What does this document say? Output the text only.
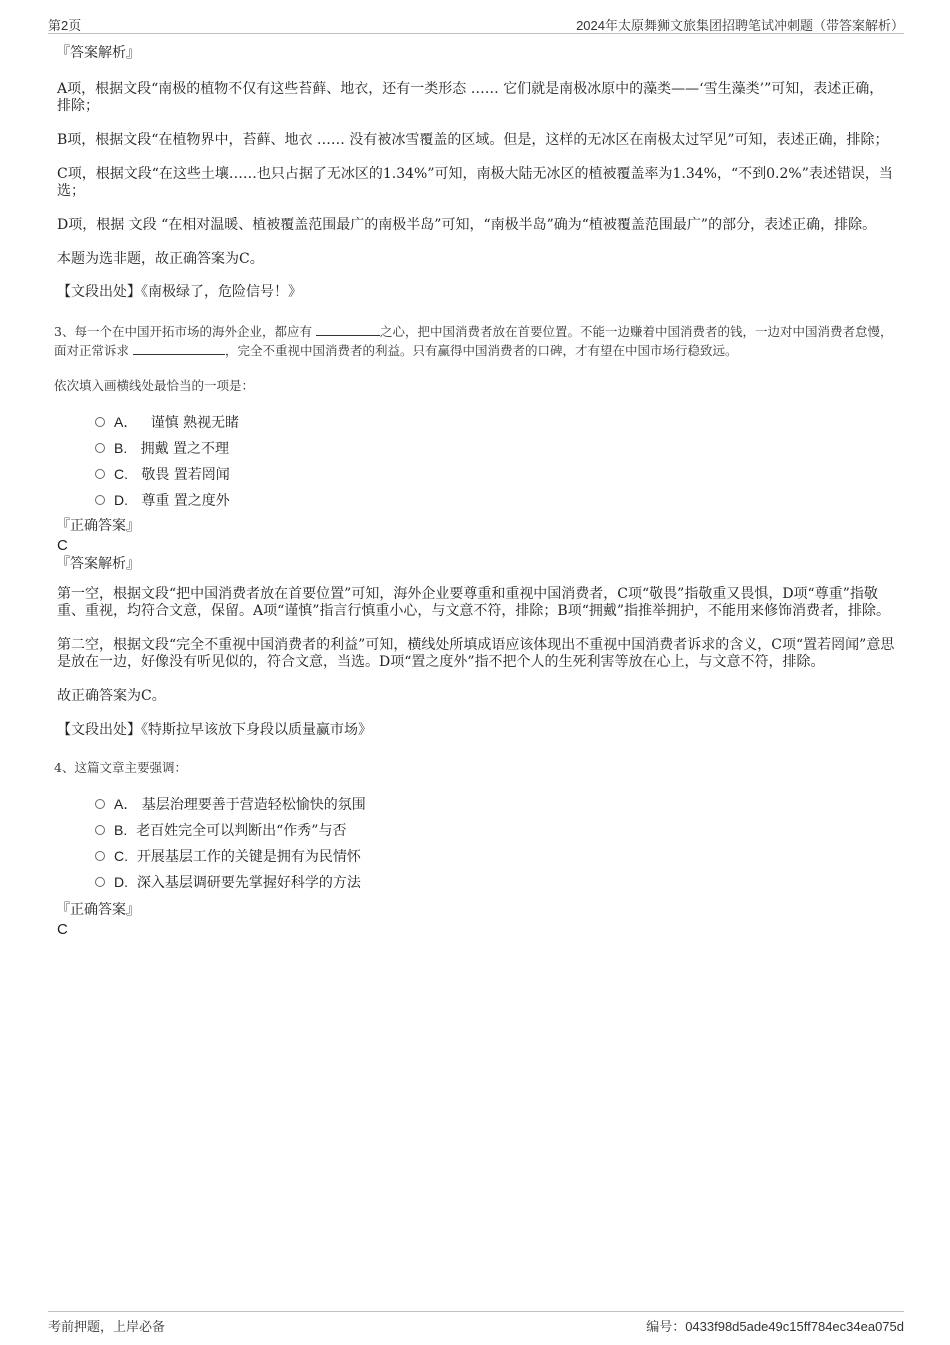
第2页	2024年太原舞狮文旅集团招聘笔试冲刺题（带答案解析）
『答案解析』

A项，根据文段“南极的植物不仅有这些苔藓、地衣，还有一类形态 …… 它们就是南极冰原中的藻类——‘雪生藻类’”可知，表述正确，排除；

B项，根据文段“在植物界中，苔藓、地衣 …… 没有被冰雪覆盖的区域。但是，这样的无冰区在南极太过罕见”可知，表述正确，排除；

C项，根据文段“在这些土壤……也只占据了无冰区的1.34%”可知，南极大陆无冰区的植被覆盖率为1.34%，“不到0.2%”表述错误，当选；

D项，根据 文段 “在相对温暖、植被覆盖范围最广的南极半岛”可知，“南极半岛”确为“植被覆盖范围最广”的部分，表述正确，排除。

本题为选非题，故正确答案为C。

【文段出处】《南极绿了，危险信号！》

3、每一个在中国开拓市场的海外企业，都应有	之心，把中国消费者放在首要位置。不能一边赚着中国消费者的钱，一边对中国消费者怠慢，面对正常诉求	，完全不重视中国消费者的利益。只有赢得中国消费者的口碑，才有望在中国市场行稳致远。

依次填入画横线处最恰当的一项是：

A． 谨慎 熟视无睹
B. 拥戴 置之不理
C. 敬畏 置若罔闻
D. 尊重 置之度外
『正确答案』
C
『答案解析』

第一空，根据文段“把中国消费者放在首要位置”可知，海外企业要尊重和重视中国消费者，C项“敬畏”指敬重又畏惧，D项“尊重”指敬重、重视，均符合文意，保留。A项“谨慎”指言行慎重小心，与文意不符，排除；B项“拥戴”指推举拥护，不能用来修饰消费者，排除。

第二空，根据文段“完全不重视中国消费者的利益”可知，横线处所填成语应该体现出不重视中国消费者诉求的含义，C项“置若罔闻”意思是放在一边，好像没有听见似的，符合文意，当选。D项“置之度外”指不把个人的生死利害等放在心上，与文意不符，排除。

故正确答案为C。

【文段出处】《特斯拉早该放下身段以质量赢市场》

4、这篇文章主要强调：

A． 基层治理要善于营造轻松愉快的氛围
B. 老百姓完全可以判断出“作秀”与否
C. 开展基层工作的关键是拥有为民情怀
D. 深入基层调研要先掌握好科学的方法
『正确答案』
C
考前押题，上岸必备	编号：0433f98d5ade49c15ff784ec34ea075d
